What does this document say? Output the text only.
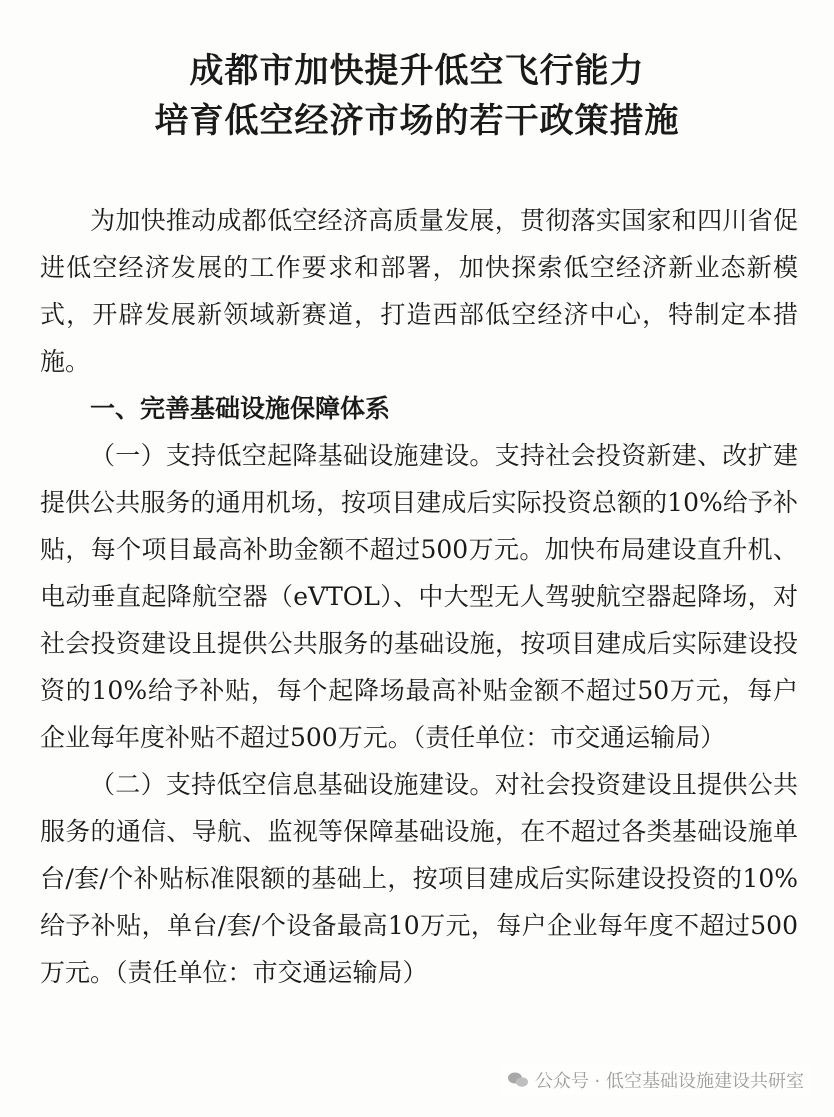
成都市加快提升低空飞行能力
培育低空经济市场的若干政策措施

为加快推动成都低空经济高质量发展，贯彻落实国家和四川省促进低空经济发展的工作要求和部署，加快探索低空经济新业态新模式，开辟发展新领域新赛道，打造西部低空经济中心，特制定本措施。

一、完善基础设施保障体系

（一）支持低空起降基础设施建设。支持社会投资新建、改扩建提供公共服务的通用机场，按项目建成后实际投资总额的10%给予补贴，每个项目最高补助金额不超过500万元。加快布局建设直升机、电动垂直起降航空器（eVTOL）、中大型无人驾驶航空器起降场，对社会投资建设且提供公共服务的基础设施，按项目建成后实际建设投资的10%给予补贴，每个起降场最高补贴金额不超过50万元，每户企业每年度补贴不超过500万元。（责任单位：市交通运输局）

（二）支持低空信息基础设施建设。对社会投资建设且提供公共服务的通信、导航、监视等保障基础设施，在不超过各类基础设施单台/套/个补贴标准限额的基础上，按项目建成后实际建设投资的10%给予补贴，单台/套/个设备最高10万元，每户企业每年度不超过500万元。（责任单位：市交通运输局）

公众号 · 低空基础设施建设共研室
